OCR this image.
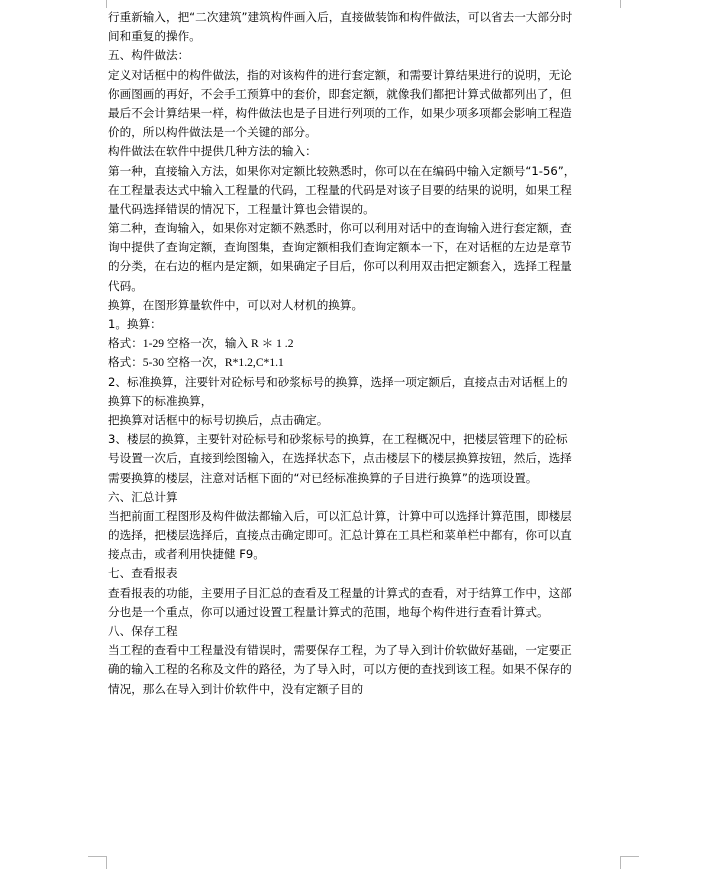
行重新输入，把“二次建筑”建筑构件画入后，直接做装饰和构件做法，可以省去一大部分时
间和重复的操作。
五、构件做法：
定义对话框中的构件做法，指的对该构件的进行套定额，和需要计算结果进行的说明，无论
你画图画的再好，不会手工预算中的套价，即套定额，就像我们都把计算式做都列出了，但
最后不会计算结果一样，构件做法也是子目进行列项的工作，如果少项多项都会影响工程造
价的，所以构件做法是一个关键的部分。
构件做法在软件中提供几种方法的输入：
第一种，直接输入方法，如果你对定额比较熟悉时，你可以在在编码中输入定额号“1-56”，
在工程量表达式中输入工程量的代码，工程量的代码是对该子目要的结果的说明，如果工程
量代码选择错误的情况下，工程量计算也会错误的。
第二种，查询输入，如果你对定额不熟悉时，你可以利用对话中的查询输入进行套定额，查
询中提供了查询定额，查询图集，查询定额相我们查询定额本一下，在对话框的左边是章节
的分类，在右边的框内是定额，如果确定子目后，你可以利用双击把定额套入，选择工程量
代码。
换算，在图形算量软件中，可以对人材机的换算。
1。换算：
格式：1-29 空格一次，输入 R ＊ 1 .2
格式：5-30 空格一次，R*1.2,C*1.1
2、标准换算，注要针对砼标号和砂浆标号的换算，选择一项定额后，直接点击对话框上的
换算下的标准换算，
把换算对话框中的标号切换后，点击确定。
3、楼层的换算，主要针对砼标号和砂浆标号的换算，在工程概况中，把楼层管理下的砼标
号设置一次后，直接到绘图输入，在选择状态下，点击楼层下的楼层换算按钮，然后，选择
需要换算的楼层，注意对话框下面的“对已经标准换算的子目进行换算”的选项设置。
六、汇总计算
当把前面工程图形及构件做法都输入后，可以汇总计算，计算中可以选择计算范围，即楼层
的选择，把楼层选择后，直接点击确定即可。汇总计算在工具栏和菜单栏中都有，你可以直
接点击，或者利用快捷健 F9。
七、查看报表
查看报表的功能，主要用子目汇总的查看及工程量的计算式的查看，对于结算工作中，这部
分也是一个重点，你可以通过设置工程量计算式的范围，地每个构件进行查看计算式。
八、保存工程
当工程的查看中工程量没有错误时，需要保存工程，为了导入到计价软做好基础，一定要正
确的输入工程的名称及文件的路径，为了导入时，可以方便的查找到该工程。如果不保存的
情况，那么在导入到计价软件中，没有定额子目的
